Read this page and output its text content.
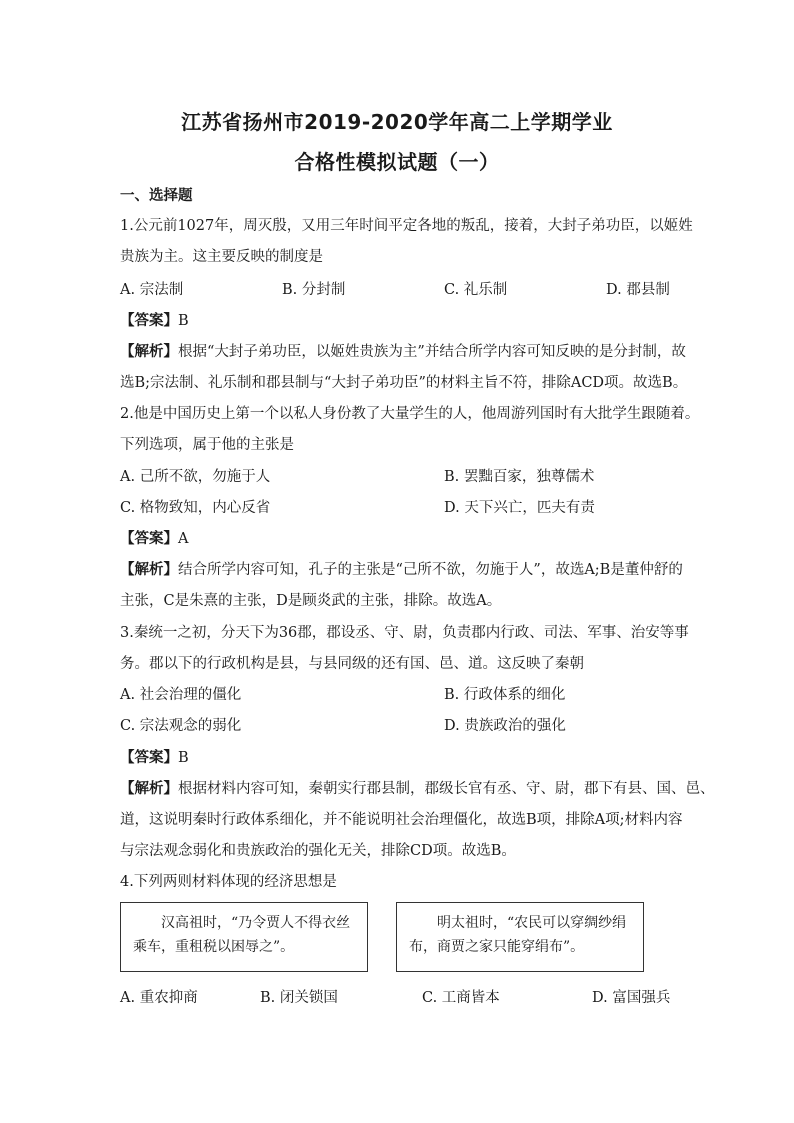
江苏省扬州市2019-2020学年高二上学期学业
合格性模拟试题（一）
一、选择题
1.公元前1027年，周灭殷，又用三年时间平定各地的叛乱，接着，大封子弟功臣，以姬姓
贵族为主。这主要反映的制度是
A. 宗法制	B. 分封制	C. 礼乐制	D. 郡县制
【答案】B
【解析】根据“大封子弟功臣，以姬姓贵族为主”并结合所学内容可知反映的是分封制，故
选B;宗法制、礼乐制和郡县制与“大封子弟功臣”的材料主旨不符，排除ACD项。故选B。
2.他是中国历史上第一个以私人身份教了大量学生的人，他周游列国时有大批学生跟随着。
下列选项，属于他的主张是
A. 己所不欲，勿施于人	B. 罢黜百家，独尊儒术
C. 格物致知，内心反省	D. 天下兴亡，匹夫有责
【答案】A
【解析】结合所学内容可知，孔子的主张是“己所不欲，勿施于人”，故选A;B是董仲舒的
主张，C是朱熹的主张，D是顾炎武的主张，排除。故选A。
3.秦统一之初，分天下为36郡，郡设丞、守、尉，负责郡内行政、司法、军事、治安等事
务。郡以下的行政机构是县，与县同级的还有国、邑、道。这反映了秦朝
A. 社会治理的僵化	B. 行政体系的细化
C. 宗法观念的弱化	D. 贵族政治的强化
【答案】B
【解析】根据材料内容可知，秦朝实行郡县制，郡级长官有丞、守、尉，郡下有县、国、邑、
道，这说明秦时行政体系细化，并不能说明社会治理僵化，故选B项，排除A项;材料内容
与宗法观念弱化和贵族政治的强化无关，排除CD项。故选B。
4.下列两则材料体现的经济思想是
汉高祖时，“乃令贾人不得衣丝
乘车，重租税以困辱之”。
明太祖时，“农民可以穿绸纱绢
布，商贾之家只能穿绢布”。
A. 重农抑商	B. 闭关锁国	C. 工商皆本	D. 富国强兵
